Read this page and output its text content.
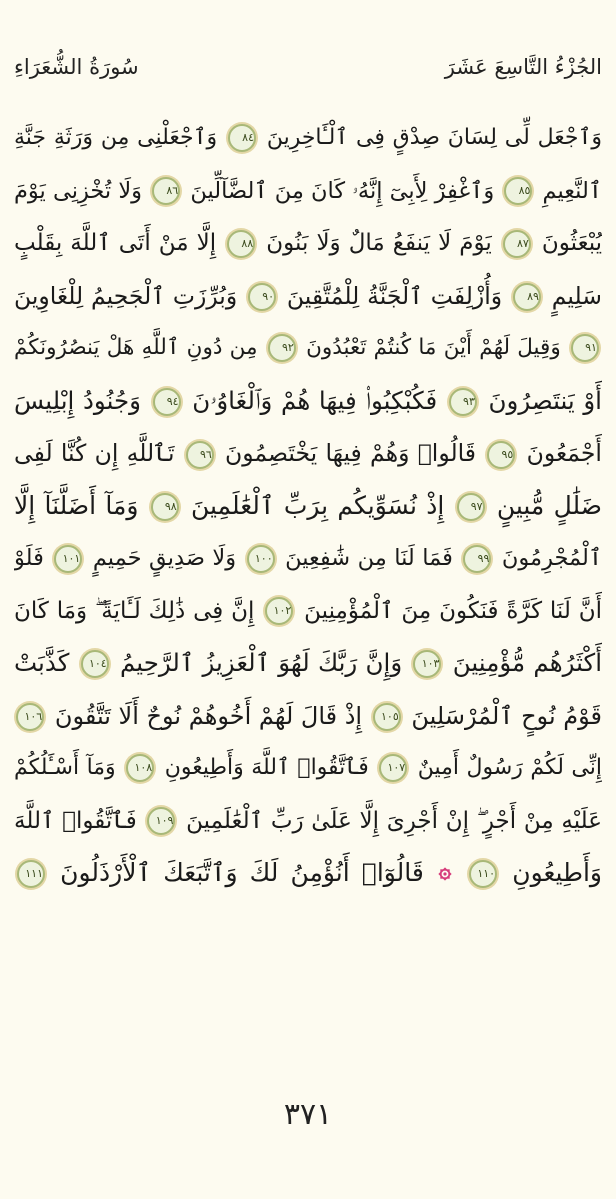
الجُزْءُ التَّاسِعَ عَشَرَ
سُورَةُ الشُّعَرَاءِ
وَٱجْعَل لِّى لِسَانَ صِدْقٍ فِى ٱلْـَٔاخِرِينَ ٨٤ وَٱجْعَلْنِى مِن وَرَثَةِ جَنَّةِ
ٱلنَّعِيمِ ٨٥ وَٱغْفِرْ لِأَبِىٓ إِنَّهُۥ كَانَ مِنَ ٱلضَّآلِّينَ ٨٦ وَلَا تُخْزِنِى يَوْمَ
يُبْعَثُونَ ٨٧ يَوْمَ لَا يَنفَعُ مَالٌ وَلَا بَنُونَ ٨٨ إِلَّا مَنْ أَتَى ٱللَّهَ بِقَلْبٍ
سَلِيمٍ ٨٩ وَأُزْلِفَتِ ٱلْجَنَّةُ لِلْمُتَّقِينَ ٩٠ وَبُرِّزَتِ ٱلْجَحِيمُ لِلْغَاوِينَ
٩١ وَقِيلَ لَهُمْ أَيْنَ مَا كُنتُمْ تَعْبُدُونَ ٩٢ مِن دُونِ ٱللَّهِ هَلْ يَنصُرُونَكُمْ
أَوْ يَنتَصِرُونَ ٩٣ فَكُبْكِبُوا۟ فِيهَا هُمْ وَٱلْغَاوُۥنَ ٩٤ وَجُنُودُ إِبْلِيسَ
أَجْمَعُونَ ٩٥ قَالُوا۟ وَهُمْ فِيهَا يَخْتَصِمُونَ ٩٦ تَٱللَّهِ إِن كُنَّا لَفِى
ضَلَٰلٍ مُّبِينٍ ٩٧ إِذْ نُسَوِّيكُم بِرَبِّ ٱلْعَٰلَمِينَ ٩٨ وَمَآ أَضَلَّنَآ إِلَّا
ٱلْمُجْرِمُونَ ٩٩ فَمَا لَنَا مِن شَٰفِعِينَ ١٠٠ وَلَا صَدِيقٍ حَمِيمٍ ١٠١ فَلَوْ
أَنَّ لَنَا كَرَّةً فَنَكُونَ مِنَ ٱلْمُؤْمِنِينَ ١٠٢ إِنَّ فِى ذَٰلِكَ لَـَٔايَةً ۖ وَمَا كَانَ
أَكْثَرُهُم مُّؤْمِنِينَ ١٠٣ وَإِنَّ رَبَّكَ لَهُوَ ٱلْعَزِيزُ ٱلرَّحِيمُ ١٠٤ كَذَّبَتْ
قَوْمُ نُوحٍ ٱلْمُرْسَلِينَ ١٠٥ إِذْ قَالَ لَهُمْ أَخُوهُمْ نُوحٌ أَلَا تَتَّقُونَ ١٠٦
إِنِّى لَكُمْ رَسُولٌ أَمِينٌ ١٠٧ فَٱتَّقُوا۟ ٱللَّهَ وَأَطِيعُونِ ١٠٨ وَمَآ أَسْـَٔلُكُمْ
عَلَيْهِ مِنْ أَجْرٍ ۖ إِنْ أَجْرِىَ إِلَّا عَلَىٰ رَبِّ ٱلْعَٰلَمِينَ ١٠٩ فَٱتَّقُوا۟ ٱللَّهَ
وَأَطِيعُونِ ١١٠  قَالُوٓا۟ أَنُؤْمِنُ لَكَ وَٱتَّبَعَكَ ٱلْأَرْذَلُونَ ١١١
٣٧١
